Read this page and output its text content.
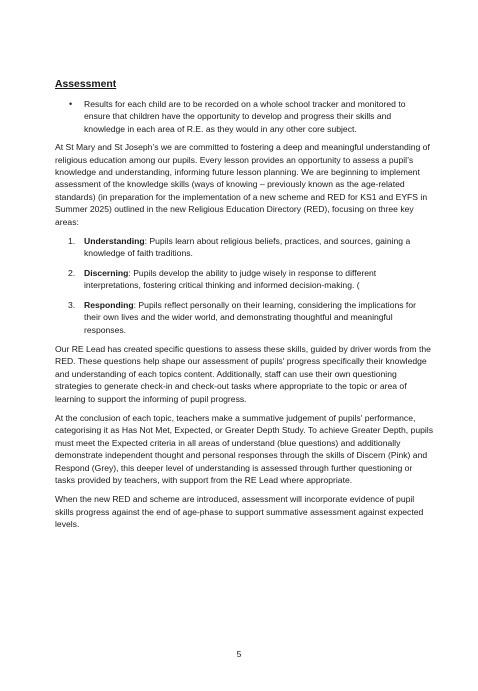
Assessment
• Results for each child are to be recorded on a whole school tracker and monitored to ensure that children have the opportunity to develop and progress their skills and knowledge in each area of R.E. as they would in any other core subject.

At St Mary and St Joseph’s we are committed to fostering a deep and meaningful understanding of religious education among our pupils. Every lesson provides an opportunity to assess a pupil’s knowledge and understanding, informing future lesson planning. We are beginning to implement assessment of the knowledge skills (ways of knowing – previously known as the age-related standards) (in preparation for the implementation of a new scheme and RED for KS1 and EYFS in Summer 2025) outlined in the new Religious Education Directory (RED), focusing on three key areas:

1. Understanding: Pupils learn about religious beliefs, practices, and sources, gaining a knowledge of faith traditions.
2. Discerning: Pupils develop the ability to judge wisely in response to different interpretations, fostering critical thinking and informed decision-making. (
3. Responding: Pupils reflect personally on their learning, considering the implications for their own lives and the wider world, and demonstrating thoughtful and meaningful responses.

Our RE Lead has created specific questions to assess these skills, guided by driver words from the RED. These questions help shape our assessment of pupils' progress specifically their knowledge and understanding of each topics content. Additionally, staff can use their own questioning strategies to generate check-in and check-out tasks where appropriate to the topic or area of learning to support the informing of pupil progress.

At the conclusion of each topic, teachers make a summative judgement of pupils' performance, categorising it as Has Not Met, Expected, or Greater Depth Study. To achieve Greater Depth, pupils must meet the Expected criteria in all areas of understand (blue questions) and additionally demonstrate independent thought and personal responses through the skills of Discern (Pink) and Respond (Grey), this deeper level of understanding is assessed through further questioning or tasks provided by teachers, with support from the RE Lead where appropriate.

When the new RED and scheme are introduced, assessment will incorporate evidence of pupil skills progress against the end of age-phase to support summative assessment against expected levels.

5
